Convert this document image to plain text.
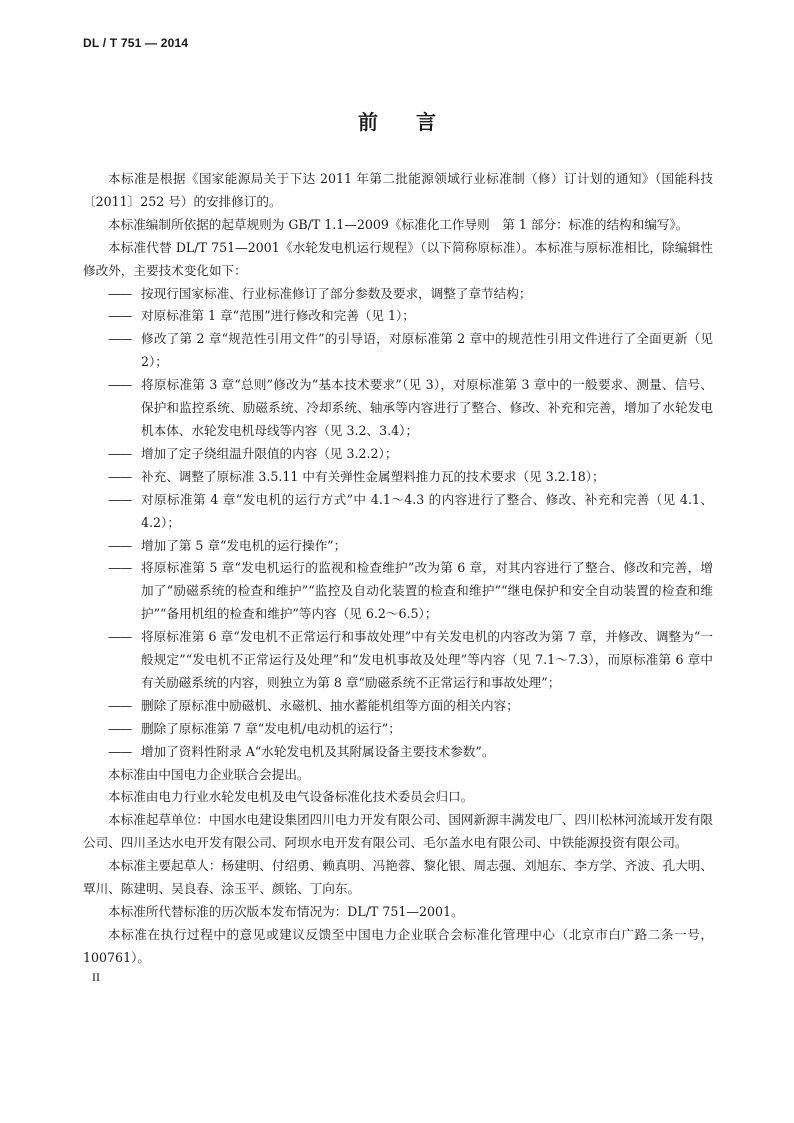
DL / T 751 — 2014
前 言

本标准是根据《国家能源局关于下达 2011 年第二批能源领域行业标准制（修）订计划的通知》（国能科技〔2011〕252 号）的安排修订的。

本标准编制所依据的起草规则为 GB/T 1.1—2009《标准化工作导则　第 1 部分：标准的结构和编写》。

本标准代替 DL/T 751—2001《水轮发电机运行规程》（以下简称原标准）。本标准与原标准相比，除编辑性修改外，主要技术变化如下：

—— 按现行国家标准、行业标准修订了部分参数及要求，调整了章节结构；

—— 对原标准第 1 章“范围”进行修改和完善（见 1）；

—— 修改了第 2 章“规范性引用文件”的引导语，对原标准第 2 章中的规范性引用文件进行了全面更新（见 2）；

—— 将原标准第 3 章“总则”修改为“基本技术要求”（见 3），对原标准第 3 章中的一般要求、测量、信号、保护和监控系统、励磁系统、冷却系统、轴承等内容进行了整合、修改、补充和完善，增加了水轮发电机本体、水轮发电机母线等内容（见 3.2、3.4）；

—— 增加了定子绕组温升限值的内容（见 3.2.2）；

—— 补充、调整了原标准 3.5.11 中有关弹性金属塑料推力瓦的技术要求（见 3.2.18）；

—— 对原标准第 4 章“发电机的运行方式”中 4.1～4.3 的内容进行了整合、修改、补充和完善（见 4.1、4.2）；

—— 增加了第 5 章“发电机的运行操作”；

—— 将原标准第 5 章“发电机运行的监视和检查维护”改为第 6 章，对其内容进行了整合、修改和完善，增加了“励磁系统的检查和维护”“监控及自动化装置的检查和维护”“继电保护和安全自动装置的检查和维护”“备用机组的检查和维护”等内容（见 6.2～6.5）；

—— 将原标准第 6 章“发电机不正常运行和事故处理”中有关发电机的内容改为第 7 章，并修改、调整为“一般规定”“发电机不正常运行及处理”和“发电机事故及处理”等内容（见 7.1～7.3），而原标准第 6 章中有关励磁系统的内容，则独立为第 8 章“励磁系统不正常运行和事故处理”；

—— 删除了原标准中励磁机、永磁机、抽水蓄能机组等方面的相关内容；

—— 删除了原标准第 7 章“发电机/电动机的运行”；

—— 增加了资料性附录 A“水轮发电机及其附属设备主要技术参数”。

本标准由中国电力企业联合会提出。

本标准由电力行业水轮发电机及电气设备标准化技术委员会归口。

本标准起草单位：中国水电建设集团四川电力开发有限公司、国网新源丰满发电厂、四川松林河流域开发有限公司、四川圣达水电开发有限公司、阿坝水电开发有限公司、毛尔盖水电有限公司、中铁能源投资有限公司。

本标准主要起草人：杨建明、付绍勇、赖真明、冯艳蓉、黎化银、周志强、刘旭东、李方学、齐波、孔大明、覃川、陈建明、吴良春、涂玉平、颜铭、丁向东。

本标准所代替标准的历次版本发布情况为：DL/T 751—2001。

本标准在执行过程中的意见或建议反馈至中国电力企业联合会标准化管理中心（北京市白广路二条一号，100761）。

II
